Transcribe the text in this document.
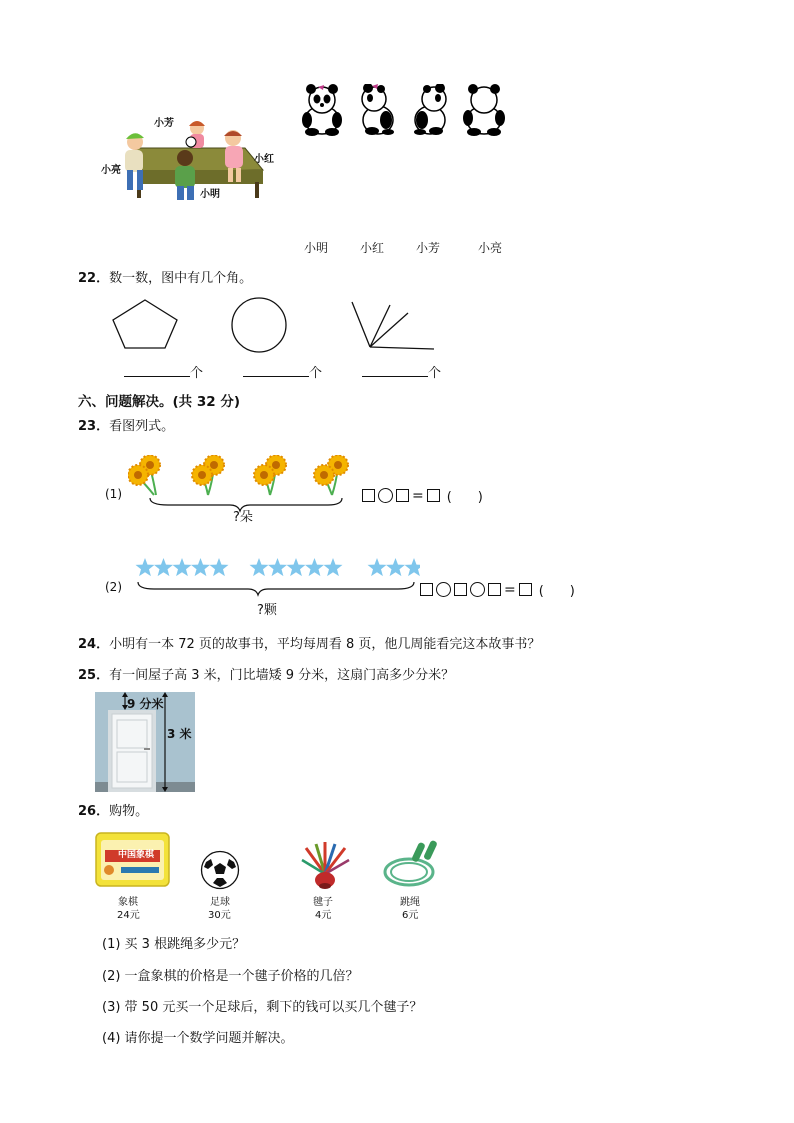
小芳
小亮
小红
小明
小明	小红	小芳	小亮
22．数一数，图中有几个角。
个	个	个
六、问题解决。(共 32 分)
23．看图列式。
(1)
?朵
= (　　)
(2)
?颗
= (　　)
24．小明有一本 72 页的故事书，平均每周看 8 页，他几周能看完这本故事书？
25．有一间屋子高 3 米，门比墙矮 9 分米，这扇门高多少分米？
9 分米
3 米
26．购物。
中国象棋
象棋
24元
足球
30元
毽子
4元
跳绳
6元
(1) 买 3 根跳绳多少元？
(2) 一盒象棋的价格是一个毽子价格的几倍？
(3) 带 50 元买一个足球后，剩下的钱可以买几个毽子？
(4) 请你提一个数学问题并解决。
